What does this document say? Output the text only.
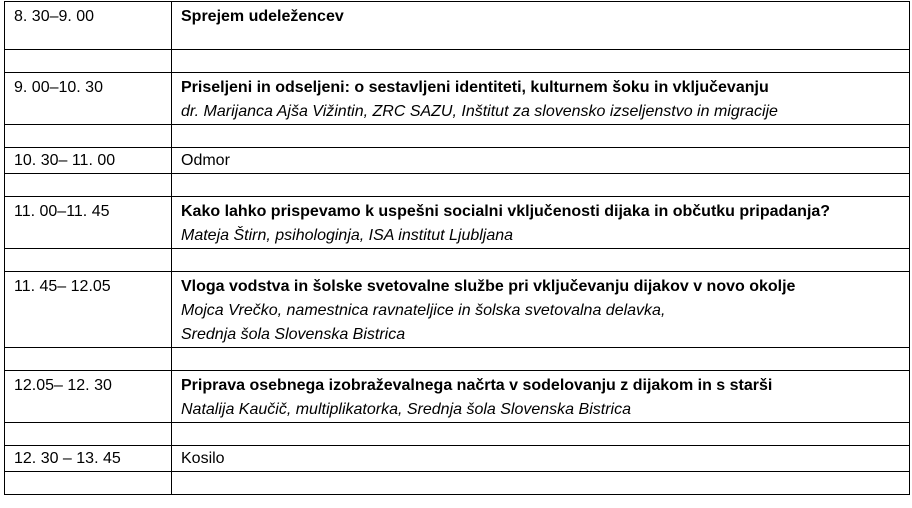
8. 30–9. 00	Sprejem udeležencev

9. 00–10. 30	Priseljeni in odseljeni: o sestavljeni identiteti, kulturnem šoku in vključevanju
dr. Marijanca Ajša Vižintin, ZRC SAZU, Inštitut za slovensko izseljenstvo in migracije

10. 30– 11. 00	Odmor

11. 00–11. 45	Kako lahko prispevamo k uspešni socialni vključenosti dijaka in občutku pripadanja?
Mateja Štirn, psihologinja, ISA institut Ljubljana

11. 45– 12.05	Vloga vodstva in šolske svetovalne službe pri vključevanju dijakov v novo okolje
Mojca Vrečko, namestnica ravnateljice in šolska svetovalna delavka,
Srednja šola Slovenska Bistrica

12.05– 12. 30	Priprava osebnega izobraževalnega načrta v sodelovanju z dijakom in s starši
Natalija Kaučič, multiplikatorka, Srednja šola Slovenska Bistrica

12. 30 – 13. 45	Kosilo
